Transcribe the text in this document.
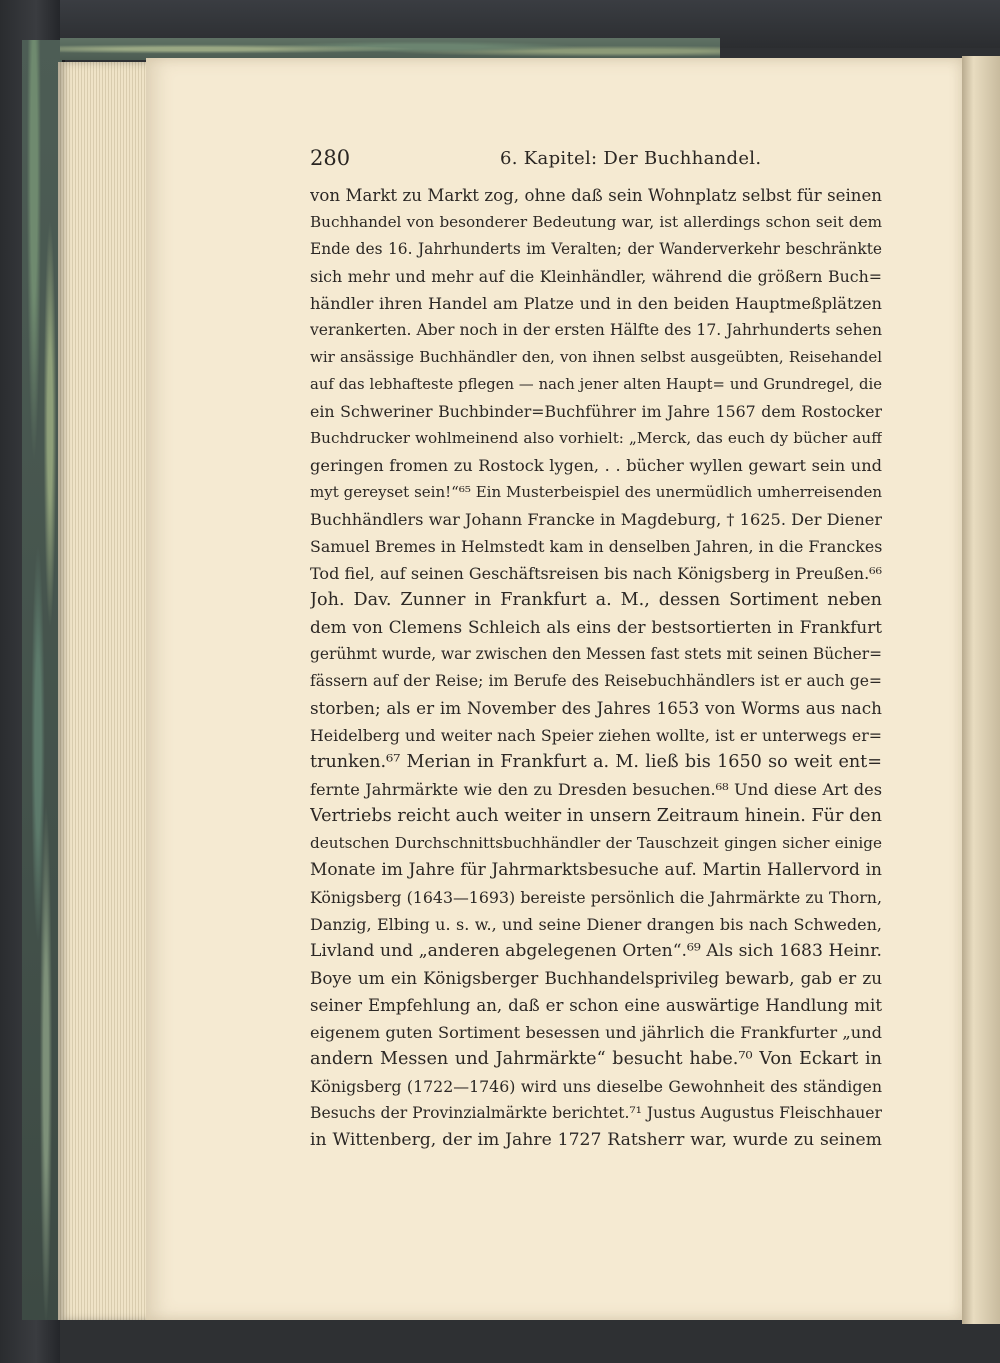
280	6. Kapitel: Der Buchhandel.
von Markt zu Markt zog, ohne daß sein Wohnplatz selbst für seinen
Buchhandel von besonderer Bedeutung war, ist allerdings schon seit dem
Ende des 16. Jahrhunderts im Veralten; der Wanderverkehr beschränkte
sich mehr und mehr auf die Kleinhändler, während die größern Buch=
händler ihren Handel am Platze und in den beiden Hauptmeßplätzen
verankerten. Aber noch in der ersten Hälfte des 17. Jahrhunderts sehen
wir ansässige Buchhändler den, von ihnen selbst ausgeübten, Reisehandel
auf das lebhafteste pflegen — nach jener alten Haupt= und Grundregel, die
ein Schweriner Buchbinder=Buchführer im Jahre 1567 dem Rostocker
Buchdrucker wohlmeinend also vorhielt: „Merck, das euch dy bücher auff
geringen fromen zu Rostock lygen, . . bücher wyllen gewart sein und
myt gereyset sein!“⁶⁵ Ein Musterbeispiel des unermüdlich umherreisenden
Buchhändlers war Johann Francke in Magdeburg, † 1625. Der Diener
Samuel Bremes in Helmstedt kam in denselben Jahren, in die Franckes
Tod fiel, auf seinen Geschäftsreisen bis nach Königsberg in Preußen.⁶⁶
Joh. Dav. Zunner in Frankfurt a. M., dessen Sortiment neben
dem von Clemens Schleich als eins der bestsortierten in Frankfurt
gerühmt wurde, war zwischen den Messen fast stets mit seinen Bücher=
fässern auf der Reise; im Berufe des Reisebuchhändlers ist er auch ge=
storben; als er im November des Jahres 1653 von Worms aus nach
Heidelberg und weiter nach Speier ziehen wollte, ist er unterwegs er=
trunken.⁶⁷ Merian in Frankfurt a. M. ließ bis 1650 so weit ent=
fernte Jahrmärkte wie den zu Dresden besuchen.⁶⁸ Und diese Art des
Vertriebs reicht auch weiter in unsern Zeitraum hinein. Für den
deutschen Durchschnittsbuchhändler der Tauschzeit gingen sicher einige
Monate im Jahre für Jahrmarktsbesuche auf. Martin Hallervord in
Königsberg (1643—1693) bereiste persönlich die Jahrmärkte zu Thorn,
Danzig, Elbing u. s. w., und seine Diener drangen bis nach Schweden,
Livland und „anderen abgelegenen Orten“.⁶⁹ Als sich 1683 Heinr.
Boye um ein Königsberger Buchhandelsprivileg bewarb, gab er zu
seiner Empfehlung an, daß er schon eine auswärtige Handlung mit
eigenem guten Sortiment besessen und jährlich die Frankfurter „und
andern Messen und Jahrmärkte“ besucht habe.⁷⁰ Von Eckart in
Königsberg (1722—1746) wird uns dieselbe Gewohnheit des ständigen
Besuchs der Provinzialmärkte berichtet.⁷¹ Justus Augustus Fleischhauer
in Wittenberg, der im Jahre 1727 Ratsherr war, wurde zu seinem
